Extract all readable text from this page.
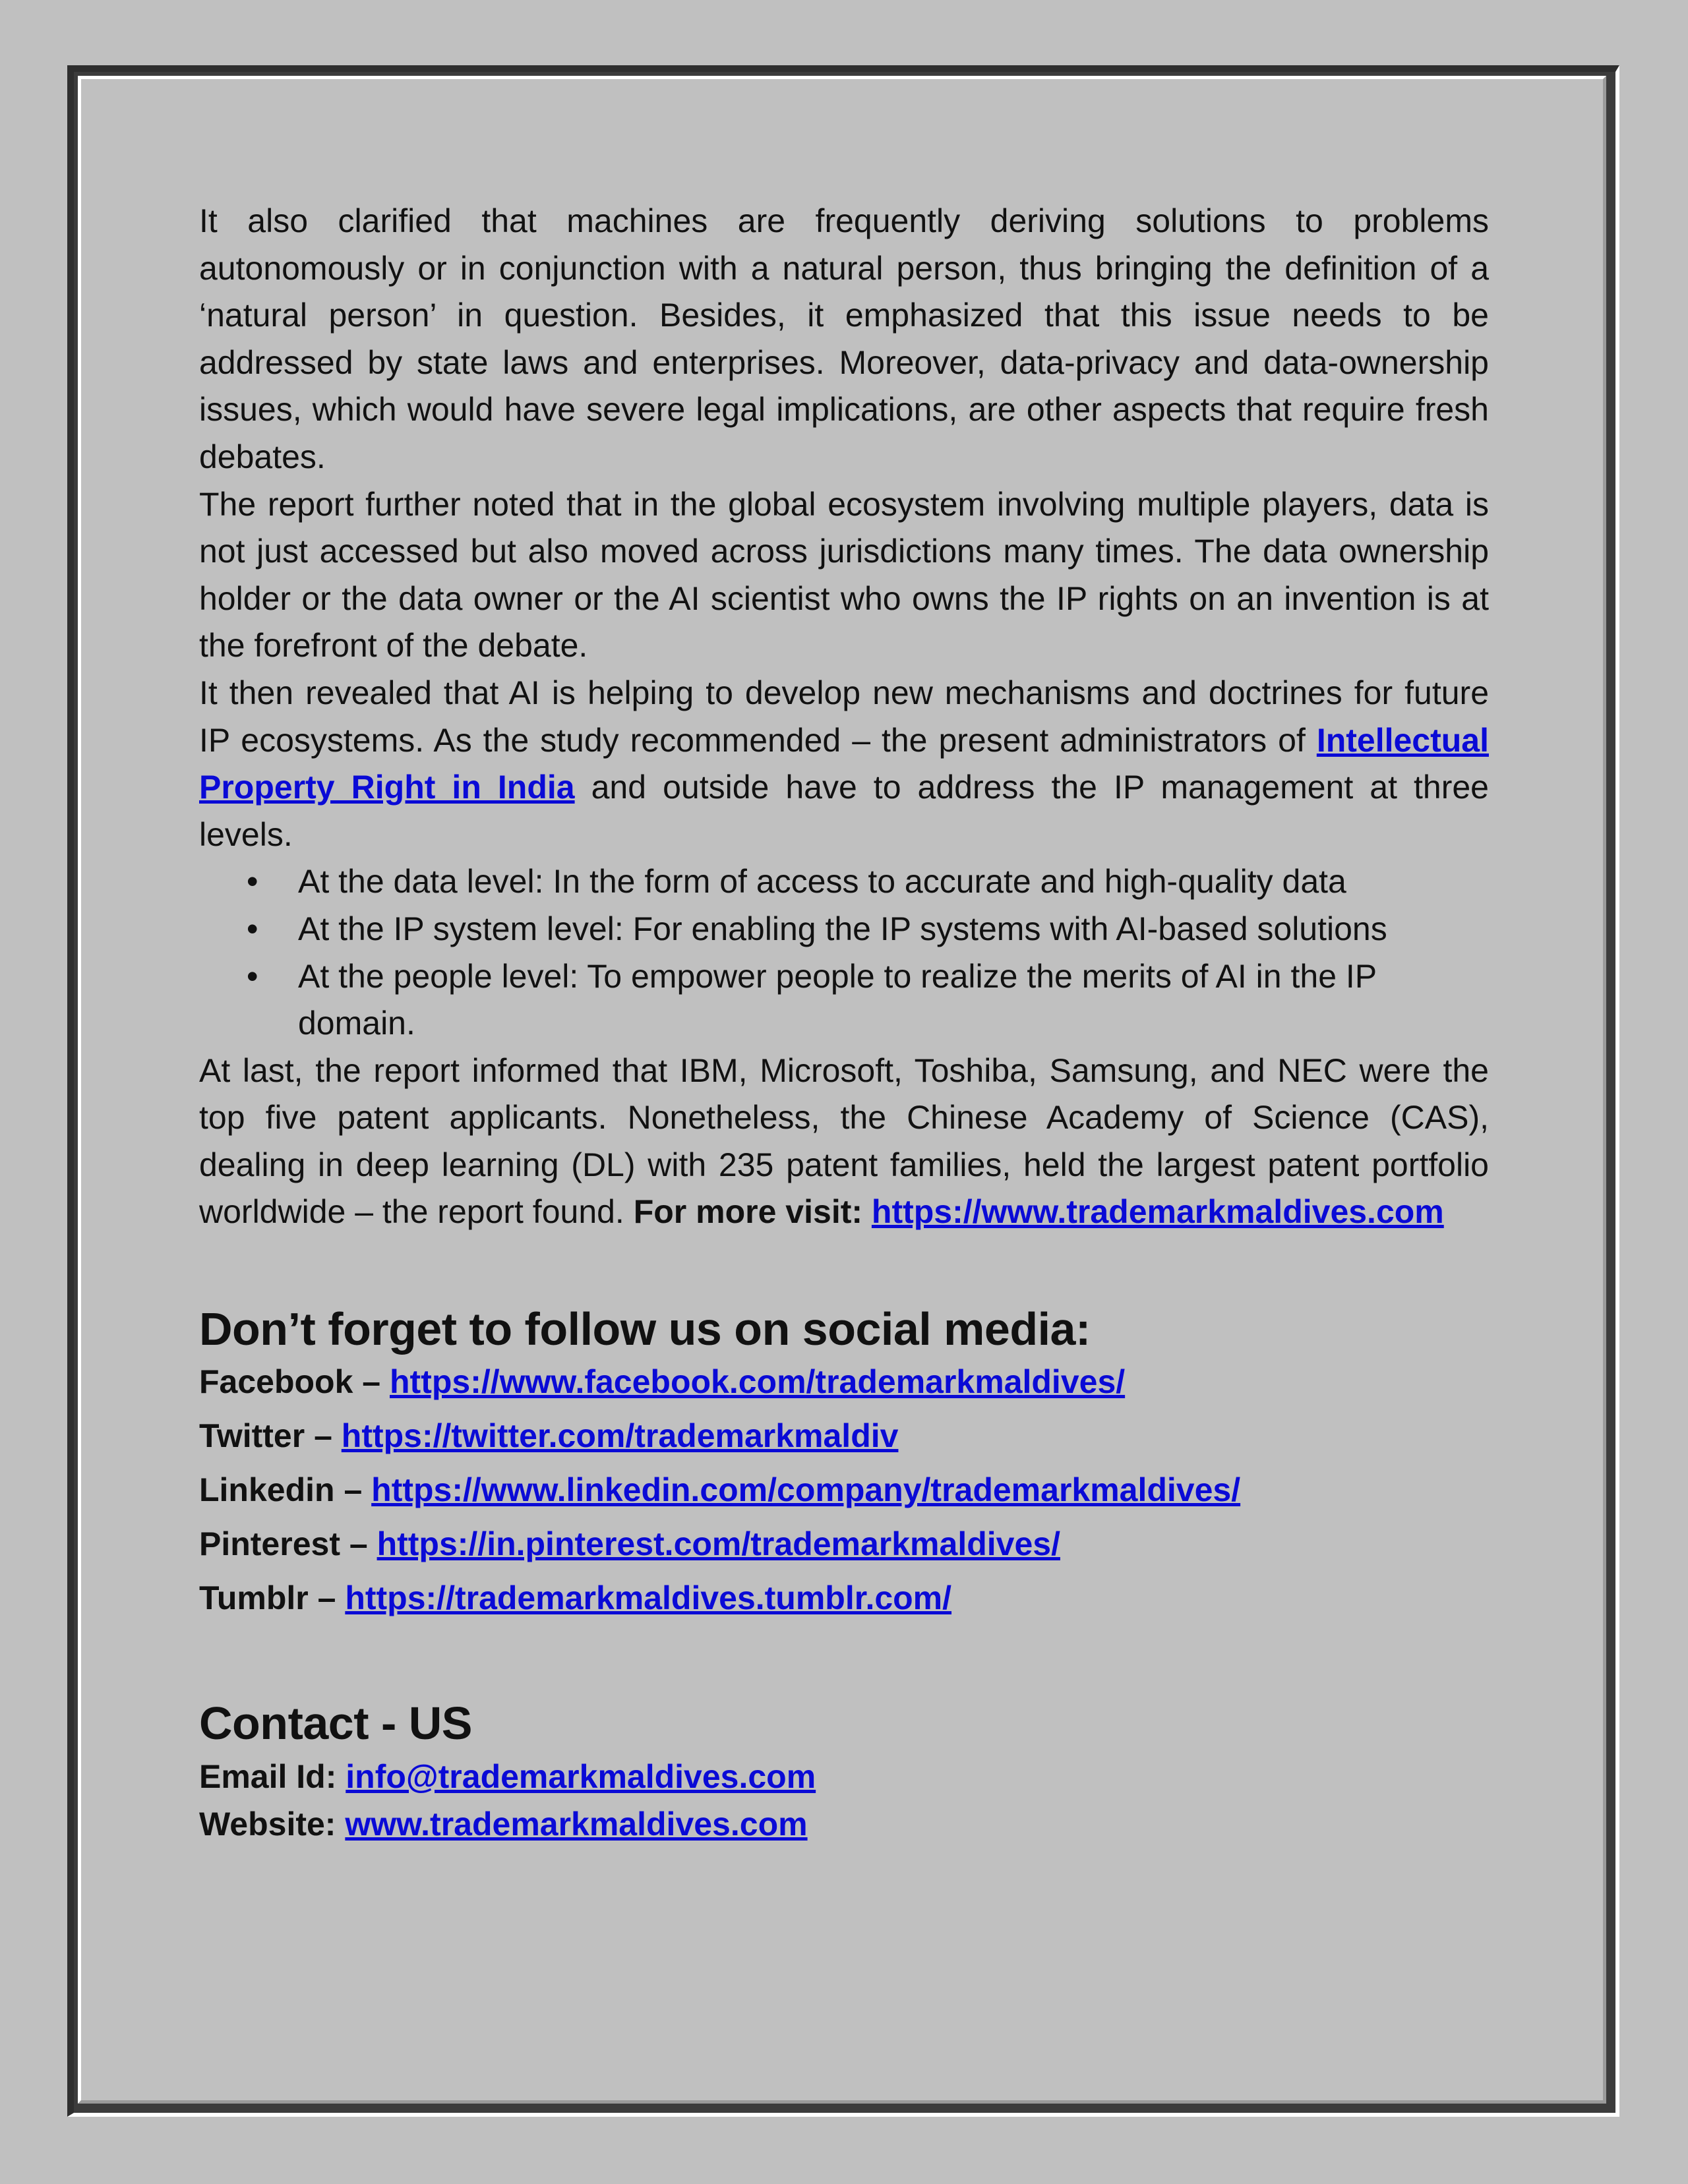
It also clarified that machines are frequently deriving solutions to problems autonomously or in conjunction with a natural person, thus bringing the definition of a ‘natural person’ in question. Besides, it emphasized that this issue needs to be addressed by state laws and enterprises. Moreover, data-privacy and data-ownership issues, which would have severe legal implications, are other aspects that require fresh debates.

The report further noted that in the global ecosystem involving multiple players, data is not just accessed but also moved across jurisdictions many times. The data ownership holder or the data owner or the AI scientist who owns the IP rights on an invention is at the forefront of the debate.

It then revealed that AI is helping to develop new mechanisms and doctrines for future IP ecosystems. As the study recommended – the present administrators of Intellectual Property Right in India and outside have to address the IP management at three levels.

• At the data level: In the form of access to accurate and high-quality data
• At the IP system level: For enabling the IP systems with AI-based solutions
• At the people level: To empower people to realize the merits of AI in the IP domain.

At last, the report informed that IBM, Microsoft, Toshiba, Samsung, and NEC were the top five patent applicants. Nonetheless, the Chinese Academy of Science (CAS), dealing in deep learning (DL) with 235 patent families, held the largest patent portfolio worldwide – the report found. For more visit: https://www.trademarkmaldives.com

Don’t forget to follow us on social media:
Facebook – https://www.facebook.com/trademarkmaldives/
Twitter – https://twitter.com/trademarkmaldiv
Linkedin – https://www.linkedin.com/company/trademarkmaldives/
Pinterest – https://in.pinterest.com/trademarkmaldives/
Tumblr – https://trademarkmaldives.tumblr.com/
Contact - US
Email Id: info@trademarkmaldives.com
Website: www.trademarkmaldives.com
